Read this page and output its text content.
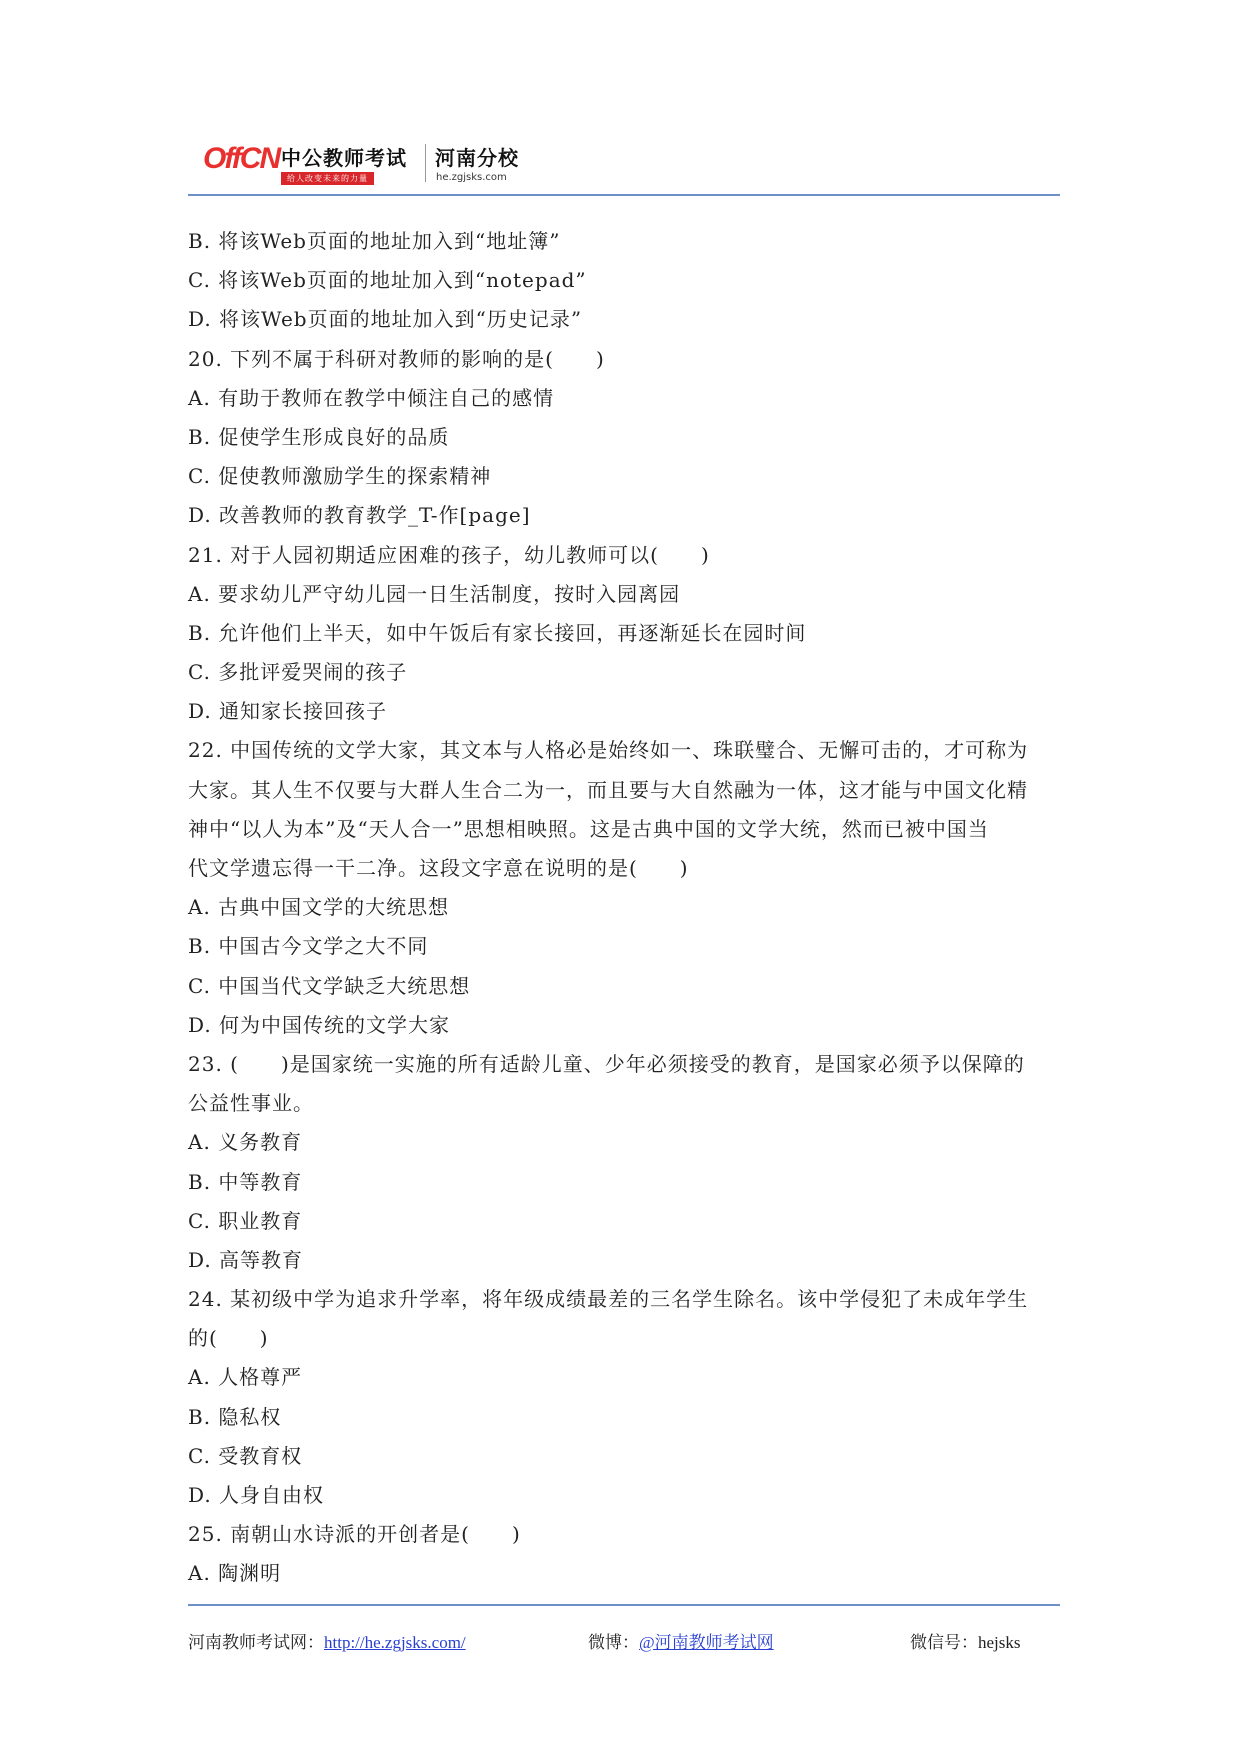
OffCN 中公教师考试
给人改变未来的力量
河南分校
he.zgjsks.com
B. 将该Web页面的地址加入到“地址簿”
C. 将该Web页面的地址加入到“notepad”
D. 将该Web页面的地址加入到“历史记录”
20. 下列不属于科研对教师的影响的是(　　)
A. 有助于教师在教学中倾注自己的感情
B. 促使学生形成良好的品质
C. 促使教师激励学生的探索精神
D. 改善教师的教育教学_T-作[page]
21. 对于人园初期适应困难的孩子，幼儿教师可以(　　)
A. 要求幼儿严守幼儿园一日生活制度，按时入园离园
B. 允许他们上半天，如中午饭后有家长接回，再逐渐延长在园时间
C. 多批评爱哭闹的孩子
D. 通知家长接回孩子
22. 中国传统的文学大家，其文本与人格必是始终如一、珠联璧合、无懈可击的，才可称为
大家。其人生不仅要与大群人生合二为一，而且要与大自然融为一体，这才能与中国文化精
神中“以人为本”及“天人合一”思想相映照。这是古典中国的文学大统，然而已被中国当
代文学遗忘得一干二净。这段文字意在说明的是(　　)
A. 古典中国文学的大统思想
B. 中国古今文学之大不同
C. 中国当代文学缺乏大统思想
D. 何为中国传统的文学大家
23. (　　)是国家统一实施的所有适龄儿童、少年必须接受的教育，是国家必须予以保障的
公益性事业。
A. 义务教育
B. 中等教育
C. 职业教育
D. 高等教育
24. 某初级中学为追求升学率，将年级成绩最差的三名学生除名。该中学侵犯了未成年学生
的(　　)
A. 人格尊严
B. 隐私权
C. 受教育权
D. 人身自由权
25. 南朝山水诗派的开创者是(　　)
A. 陶渊明
河南教师考试网：http://he.zgjsks.com/	微博：@河南教师考试网	微信号：hejsks
